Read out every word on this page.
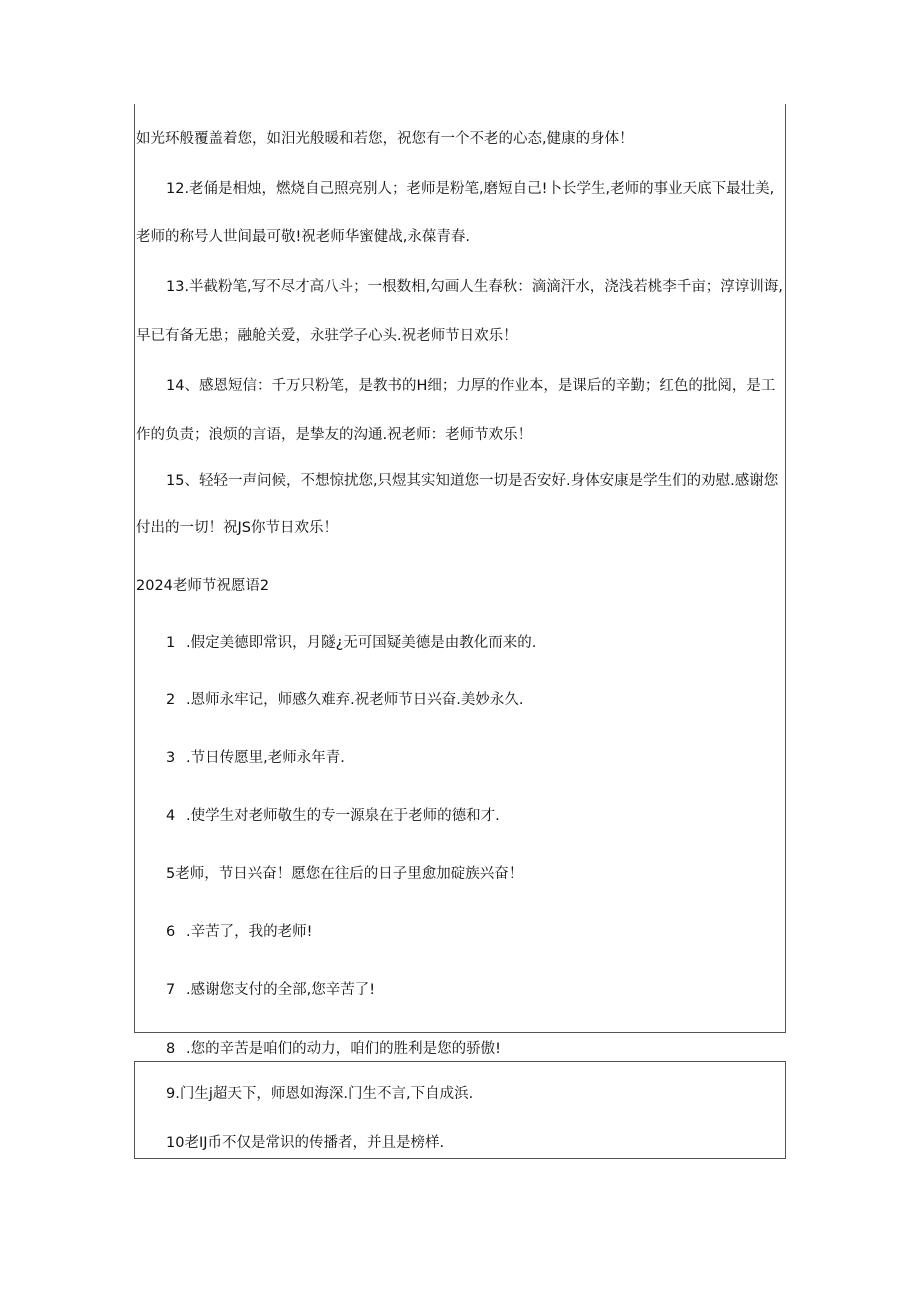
如光环般覆盖着您，如汨光般暖和若您，祝您有一个不老的心态,健康的身体！
12.老俑是相烛，燃烧自己照亮别人；老师是粉笔,磨短自己!卜长学生,老师的事业天底下最壮美,
老师的称号人世间最可敬!祝老师华蜜健战,永葆青春.
13.半截粉笔,写不尽才高八斗；一根数相,勾画人生春秋：滴滴汗水，浇浅若桃李千亩；淳谆训诲,
早已有备无患；融舱关爱，永驻学子心头.祝老师节日欢乐！
14、感恩短信：千万只粉笔，是教书的H细；力厚的作业本，是课后的辛勤；红色的批阅，是工
作的负责；浪烦的言语，是挚友的沟通.祝老师：老师节欢乐！
15、轻轻一声问候，不想惊扰您,只煜其实知道您一切是否安好.身体安康是学生们的劝慰.感谢您
付出的一切！祝JS你节日欢乐！
2024老师节祝愿语2
1 .假定美德即常识，月隧¿无可国疑美德是由教化而来的.
2 .恩师永牢记，师感久难弃.祝老师节日兴奋.美妙永久.
3 .节日传愿里,老师永年青.
4 .使学生对老师敬生的专一源泉在于老师的德和才.
5老师，节日兴奋！愿您在往后的日子里愈加碇族兴奋！
6 .辛苦了，我的老师!
7 .感谢您支付的全部,您辛苦了!
8 .您的辛苦是咱们的动力，咱们的胜利是您的骄傲!
9.门生j超天下，师恩如海深.门生不言,下自成浜.
10老IJ币不仅是常识的传播者，并且是榜样.
